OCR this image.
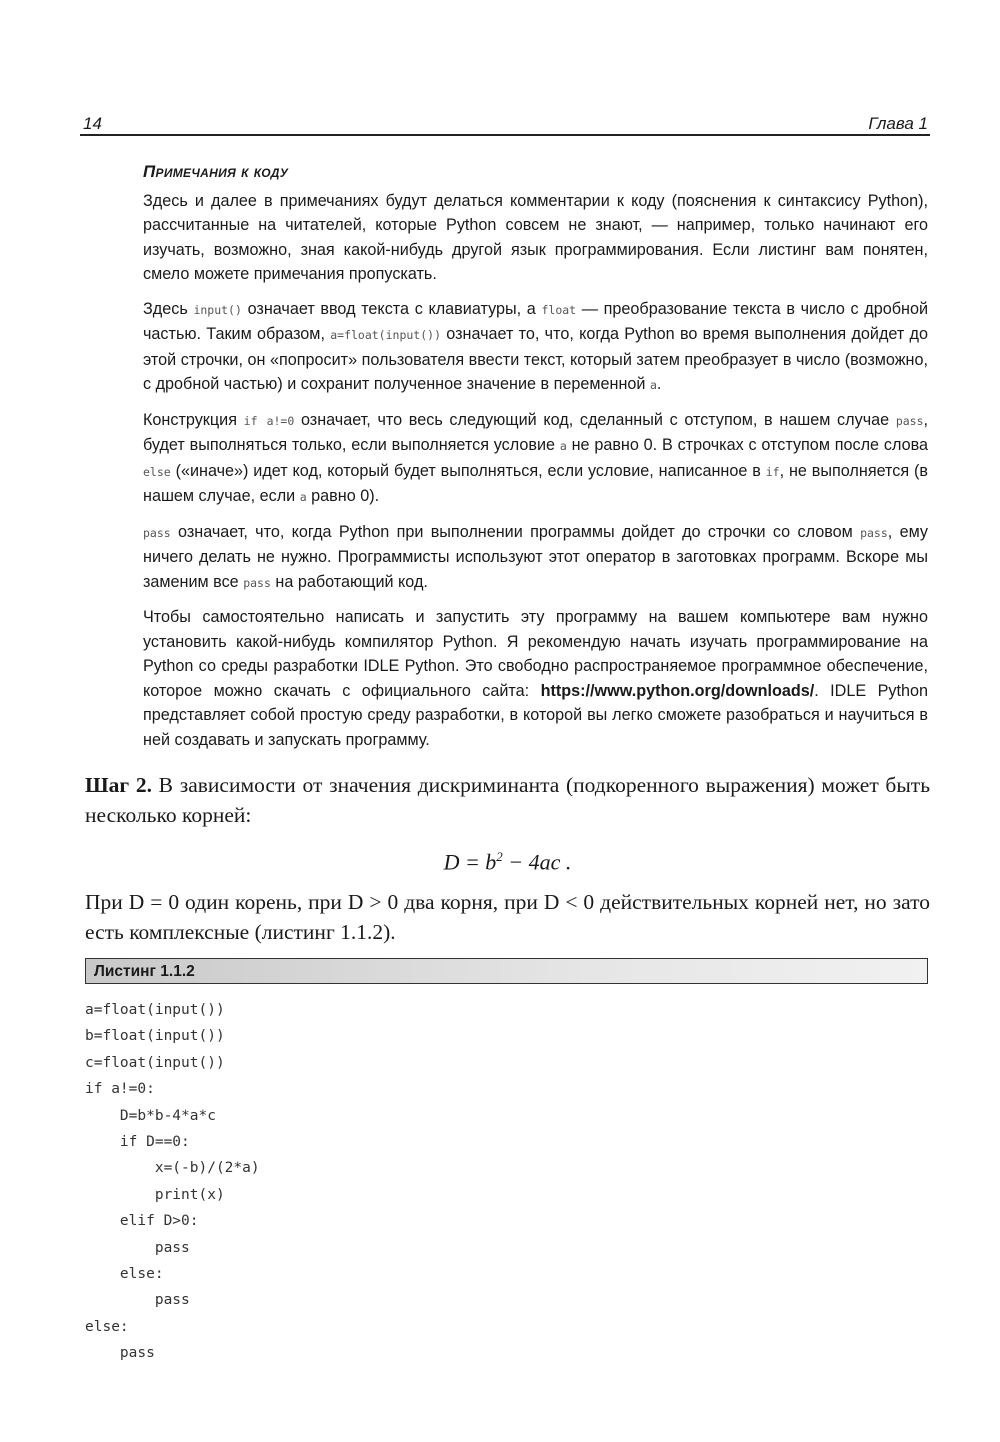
14	Глава 1
Примечания к коду

Здесь и далее в примечаниях будут делаться комментарии к коду (пояснения к синтаксису Python), рассчитанные на читателей, которые Python совсем не знают, — например, только начинают его изучать, возможно, зная какой-нибудь другой язык программирования. Если листинг вам понятен, смело можете примечания пропускать.

Здесь input() означает ввод текста с клавиатуры, а float — преобразование текста в число с дробной частью. Таким образом, a=float(input()) означает то, что, когда Python во время выполнения дойдет до этой строчки, он «попросит» пользователя ввести текст, который затем преобразует в число (возможно, с дробной частью) и сохранит полученное значение в переменной a.

Конструкция if a!=0 означает, что весь следующий код, сделанный с отступом, в нашем случае pass, будет выполняться только, если выполняется условие a не равно 0. В строчках с отступом после слова else («иначе») идет код, который будет выполняться, если условие, написанное в if, не выполняется (в нашем случае, если a равно 0).

pass означает, что, когда Python при выполнении программы дойдет до строчки со словом pass, ему ничего делать не нужно. Программисты используют этот оператор в заготовках программ. Вскоре мы заменим все pass на работающий код.

Чтобы самостоятельно написать и запустить эту программу на вашем компьютере вам нужно установить какой-нибудь компилятор Python. Я рекомендую начать изучать программирование на Python со среды разработки IDLE Python. Это свободно распространяемое программное обеспечение, которое можно скачать с официального сайта: https://www.python.org/downloads/. IDLE Python представляет собой простую среду разработки, в которой вы легко сможете разобраться и научиться в ней создавать и запускать программу.

Шаг 2. В зависимости от значения дискриминанта (подкоренного выражения) может быть несколько корней:

$D = b^2 - 4ac$ .

При D = 0 один корень, при D > 0 два корня, при D < 0 действительных корней нет, но зато есть комплексные (листинг 1.1.2).

Листинг 1.1.2
a=float(input())
b=float(input())
c=float(input())
if a!=0:
D=b*b-4*a*c
if D==0:
x=(-b)/(2*a)
print(x)
elif D>0:
pass
else:
pass
else:
pass
